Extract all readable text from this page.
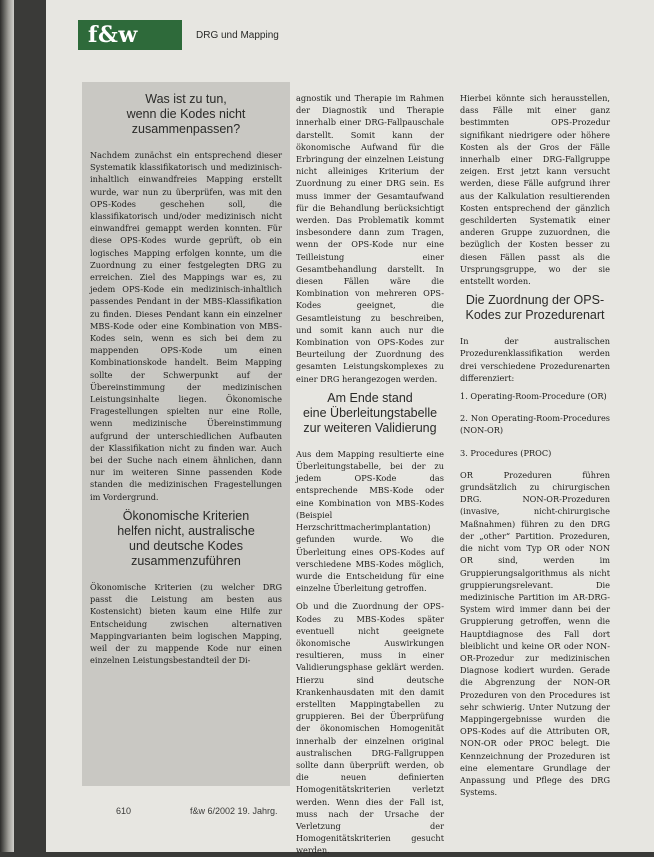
f&w	DRG und Mapping
Was ist zu tun,
wenn die Kodes nicht
zusammenpassen?

Nachdem zunächst ein entsprechend dieser Systematik klassifikatorisch und medizinisch-inhaltlich einwandfreies Mapping erstellt wurde, war nun zu überprüfen, was mit den OPS-Kodes geschehen soll, die klassifikatorisch und/oder medizinisch nicht einwandfrei gemappt werden konnten. Für diese OPS-Kodes wurde geprüft, ob ein logisches Mapping erfolgen konnte, um die Zuordnung zu einer festgelegten DRG zu erreichen. Ziel des Mappings war es, zu jedem OPS-Kode ein medizinisch-inhaltlich passendes Pendant in der MBS-Klassifikation zu finden. Dieses Pendant kann ein einzelner MBS-Kode oder eine Kombination von MBS-Kodes sein, wenn es sich bei dem zu mappenden OPS-Kode um einen Kombinationskode handelt. Beim Mapping sollte der Schwerpunkt auf der Übereinstimmung der medizinischen Leistungsinhalte liegen. Ökonomische Fragestellungen spielten nur eine Rolle, wenn medizinische Übereinstimmung aufgrund der unterschiedlichen Aufbauten der Klassifikation nicht zu finden war. Auch bei der Suche nach einem ähnlichen, dann nur im weiteren Sinne passenden Kode standen die medizinischen Fragestellungen im Vordergrund.

Ökonomische Kriterien
helfen nicht, australische
und deutsche Kodes
zusammenzuführen

Ökonomische Kriterien (zu welcher DRG passt die Leistung am besten aus Kostensicht) bieten kaum eine Hilfe zur Entscheidung zwischen alternativen Mappingvarianten beim logischen Mapping, weil der zu mappende Kode nur einen einzelnen Leistungsbestandteil der Di-

agnostik und Therapie im Rahmen der Diagnostik und Therapie innerhalb einer DRG-Fallpauschale darstellt. Somit kann der ökonomische Aufwand für die Erbringung der einzelnen Leistung nicht alleiniges Kriterium der Zuordnung zu einer DRG sein. Es muss immer der Gesamtaufwand für die Behandlung berücksichtigt werden. Das Problematik kommt insbesondere dann zum Tragen, wenn der OPS-Kode nur eine Teilleistung einer Gesamtbehandlung darstellt. In diesen Fällen wäre die Kombination von mehreren OPS-Kodes geeignet, die Gesamtleistung zu beschreiben, und somit kann auch nur die Kombination von OPS-Kodes zur Beurteilung der Zuordnung des gesamten Leistungskomplexes zu einer DRG herangezogen werden.

Am Ende stand
eine Überleitungstabelle
zur weiteren Validierung

Aus dem Mapping resultierte eine Überleitungstabelle, bei der zu jedem OPS-Kode das entsprechende MBS-Kode oder eine Kombination von MBS-Kodes (Beispiel Herzschrittmacherimplantation) gefunden wurde. Wo die Überleitung eines OPS-Kodes auf verschiedene MBS-Kodes möglich, wurde die Entscheidung für eine einzelne Überleitung getroffen.

Ob und die Zuordnung der OPS-Kodes zu MBS-Kodes später eventuell nicht geeignete ökonomische Auswirkungen resultieren, muss in einer Validierungsphase geklärt werden. Hierzu sind deutsche Krankenhausdaten mit den damit erstellten Mappingtabellen zu gruppieren. Bei der Überprüfung der ökonomischen Homogenität innerhalb der einzelnen original australischen DRG-Fallgruppen sollte dann überprüft werden, ob die neuen definierten Homogenitätskriterien verletzt werden. Wenn dies der Fall ist, muss nach der Ursache der Verletzung der Homogenitätskriterien gesucht werden.

Hierbei könnte sich herausstellen, dass Fälle mit einer ganz bestimmten OPS-Prozedur signifikant niedrigere oder höhere Kosten als der Gros der Fälle innerhalb einer DRG-Fallgruppe zeigen. Erst jetzt kann versucht werden, diese Fälle aufgrund ihrer aus der Kalkulation resultierenden Kosten entsprechend der gänzlich geschilderten Systematik einer anderen Gruppe zuzuordnen, die bezüglich der Kosten besser zu diesen Fällen passt als die Ursprungsgruppe, wo der sie entstellt worden.

Die Zuordnung der OPS-
Kodes zur Prozedurenart

In der australischen Prozedurenklassifikation werden drei verschiedene Prozedurenarten differenziert:

1. Operating-Room-Procedure (OR)
2. Non Operating-Room-Procedures (NON-OR)
3. Procedures (PROC)

OR Prozeduren führen grundsätzlich zu chirurgischen DRG. NON-OR-Prozeduren (invasive, nicht-chirurgische Maßnahmen) führen zu den DRG der „other“ Partition. Prozeduren, die nicht vom Typ OR oder NON OR sind, werden im Gruppierungsalgorithmus als nicht gruppierungsrelevant. Die medizinische Partition im AR-DRG-System wird immer dann bei der Gruppierung getroffen, wenn die Hauptdiagnose des Fall dort bleiblicht und keine OR oder NON-OR-Prozedur zur medizinischen Diagnose kodiert wurden. Gerade die Abgrenzung der NON-OR Prozeduren von den Procedures ist sehr schwierig. Unter Nutzung der Mappingergebnisse wurden die OPS-Kodes auf die Attributen OR, NON-OR oder PROC belegt. Die Kennzeichnung der Prozeduren ist eine elementare Grundlage der Anpassung und Pflege des DRG Systems.

610	f&w 6/2002 19. Jahrg.
